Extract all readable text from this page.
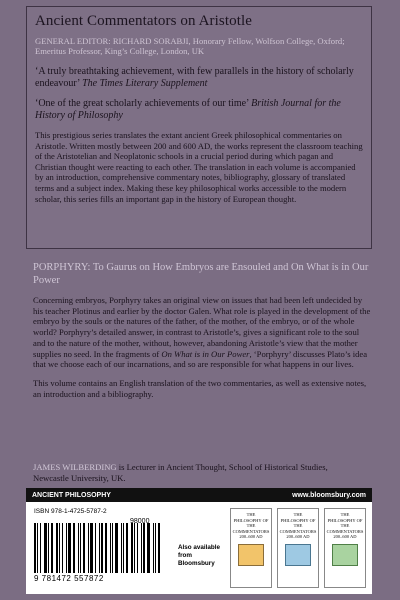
Ancient Commentators on Aristotle
GENERAL EDITOR: RICHARD SORABJI, Honorary Fellow, Wolfson College, Oxford; Emeritus Professor, King’s College, London, UK
‘A truly breathtaking achievement, with few parallels in the history of scholarly endeavour’ The Times Literary Supplement
‘One of the great scholarly achievements of our time’ British Journal for the History of Philosophy
This prestigious series translates the extant ancient Greek philosophical commentaries on Aristotle. Written mostly between 200 and 600 AD, the works represent the classroom teaching of the Aristotelian and Neoplatonic schools in a crucial period during which pagan and Christian thought were reacting to each other. The translation in each volume is accompanied by an introduction, comprehensive commentary notes, bibliography, glossary of translated terms and a subject index. Making these key philosophical works accessible to the modern scholar, this series fills an important gap in the history of European thought.
PORPHYRY: To Gaurus on How Embryos are Ensouled and On What is in Our Power

Concerning embryos, Porphyry takes an original view on issues that had been left undecided by his teacher Plotinus and earlier by the doctor Galen. What role is played in the development of the embryo by the souls or the natures of the father, of the mother, of the embryo, or of the whole world? Porphyry’s detailed answer, in contrast to Aristotle’s, gives a significant role to the soul and to the nature of the mother, without, however, abandoning Aristotle’s view that the mother supplies no seed. In the fragments of On What is in Our Power, ‘Porphyry’ discusses Plato’s idea that we choose each of our incarnations, and so are responsible for what happens in our lives.

This volume contains an English translation of the two commentaries, as well as extensive notes, an introduction and a bibliography.

JAMES WILBERDING is Lecturer in Ancient Thought, School of Historical Studies, Newcastle University, UK.
ANCIENT PHILOSOPHY	www.bloomsbury.com
ISBN 978-1-4725-5787-2
9 781472 557872
98000
Also available from Bloomsbury
THE PHILOSOPHY OF THE COMMENTATORS
200–600 AD
THE PHILOSOPHY OF THE COMMENTATORS
200–600 AD
THE PHILOSOPHY OF THE COMMENTATORS
200–600 AD
